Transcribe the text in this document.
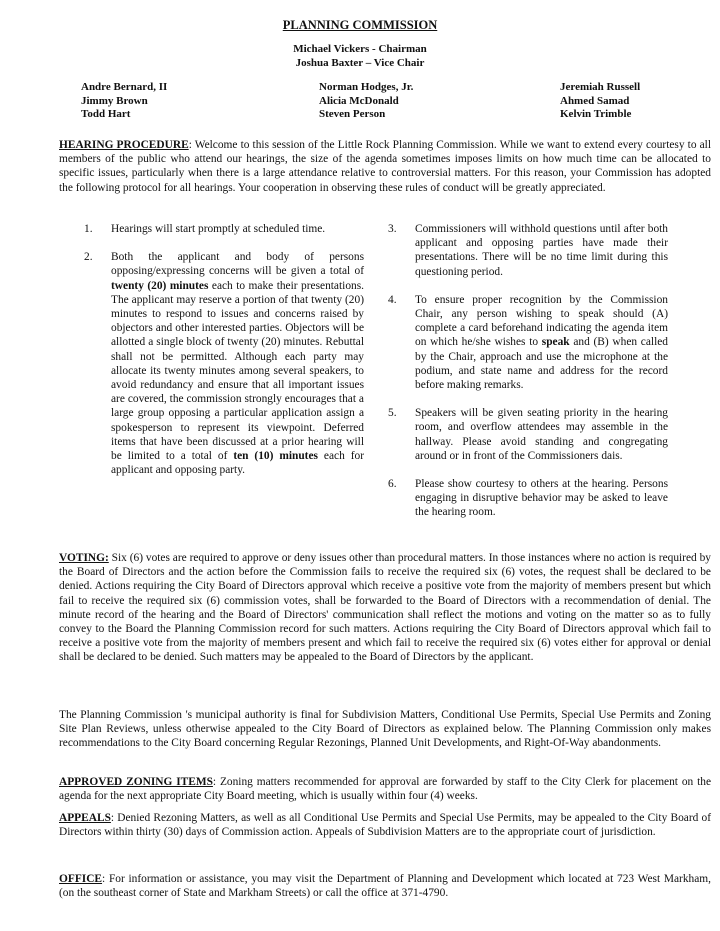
PLANNING COMMISSION
Michael Vickers - Chairman
Joshua Baxter – Vice Chair
Andre Bernard, II
Jimmy Brown
Todd Hart
Norman Hodges, Jr.
Alicia McDonald
Steven Person
Jeremiah Russell
Ahmed Samad
Kelvin Trimble
HEARING PROCEDURE: Welcome to this session of the Little Rock Planning Commission. While we want to extend every courtesy to all members of the public who attend our hearings, the size of the agenda sometimes imposes limits on how much time can be allocated to specific issues, particularly when there is a large attendance relative to controversial matters. For this reason, your Commission has adopted the following protocol for all hearings. Your cooperation in observing these rules of conduct will be greatly appreciated.
1. Hearings will start promptly at scheduled time.
2. Both the applicant and body of persons opposing/expressing concerns will be given a total of twenty (20) minutes each to make their presentations. The applicant may reserve a portion of that twenty (20) minutes to respond to issues and concerns raised by objectors and other interested parties. Objectors will be allotted a single block of twenty (20) minutes. Rebuttal shall not be permitted. Although each party may allocate its twenty minutes among several speakers, to avoid redundancy and ensure that all important issues are covered, the commission strongly encourages that a large group opposing a particular application assign a spokesperson to represent its viewpoint. Deferred items that have been discussed at a prior hearing will be limited to a total of ten (10) minutes each for applicant and opposing party.
3. Commissioners will withhold questions until after both applicant and opposing parties have made their presentations. There will be no time limit during this questioning period.
4. To ensure proper recognition by the Commission Chair, any person wishing to speak should (A) complete a card beforehand indicating the agenda item on which he/she wishes to speak and (B) when called by the Chair, approach and use the microphone at the podium, and state name and address for the record before making remarks.
5. Speakers will be given seating priority in the hearing room, and overflow attendees may assemble in the hallway. Please avoid standing and congregating around or in front of the Commissioners dais.
6. Please show courtesy to others at the hearing. Persons engaging in disruptive behavior may be asked to leave the hearing room.
VOTING: Six (6) votes are required to approve or deny issues other than procedural matters. In those instances where no action is required by the Board of Directors and the action before the Commission fails to receive the required six (6) votes, the request shall be declared to be denied. Actions requiring the City Board of Directors approval which receive a positive vote from the majority of members present but which fail to receive the required six (6) commission votes, shall be forwarded to the Board of Directors with a recommendation of denial. The minute record of the hearing and the Board of Directors' communication shall reflect the motions and voting on the matter so as to fully convey to the Board the Planning Commission record for such matters. Actions requiring the City Board of Directors approval which fail to receive a positive vote from the majority of members present and which fail to receive the required six (6) votes either for approval or denial shall be declared to be denied. Such matters may be appealed to the Board of Directors by the applicant.
The Planning Commission 's municipal authority is final for Subdivision Matters, Conditional Use Permits, Special Use Permits and Zoning Site Plan Reviews, unless otherwise appealed to the City Board of Directors as explained below. The Planning Commission only makes recommendations to the City Board concerning Regular Rezonings, Planned Unit Developments, and Right-Of-Way abandonments.
APPROVED ZONING ITEMS: Zoning matters recommended for approval are forwarded by staff to the City Clerk for placement on the agenda for the next appropriate City Board meeting, which is usually within four (4) weeks.
APPEALS: Denied Rezoning Matters, as well as all Conditional Use Permits and Special Use Permits, may be appealed to the City Board of Directors within thirty (30) days of Commission action. Appeals of Subdivision Matters are to the appropriate court of jurisdiction.
OFFICE: For information or assistance, you may visit the Department of Planning and Development which located at 723 West Markham, (on the southeast corner of State and Markham Streets) or call the office at 371-4790.
